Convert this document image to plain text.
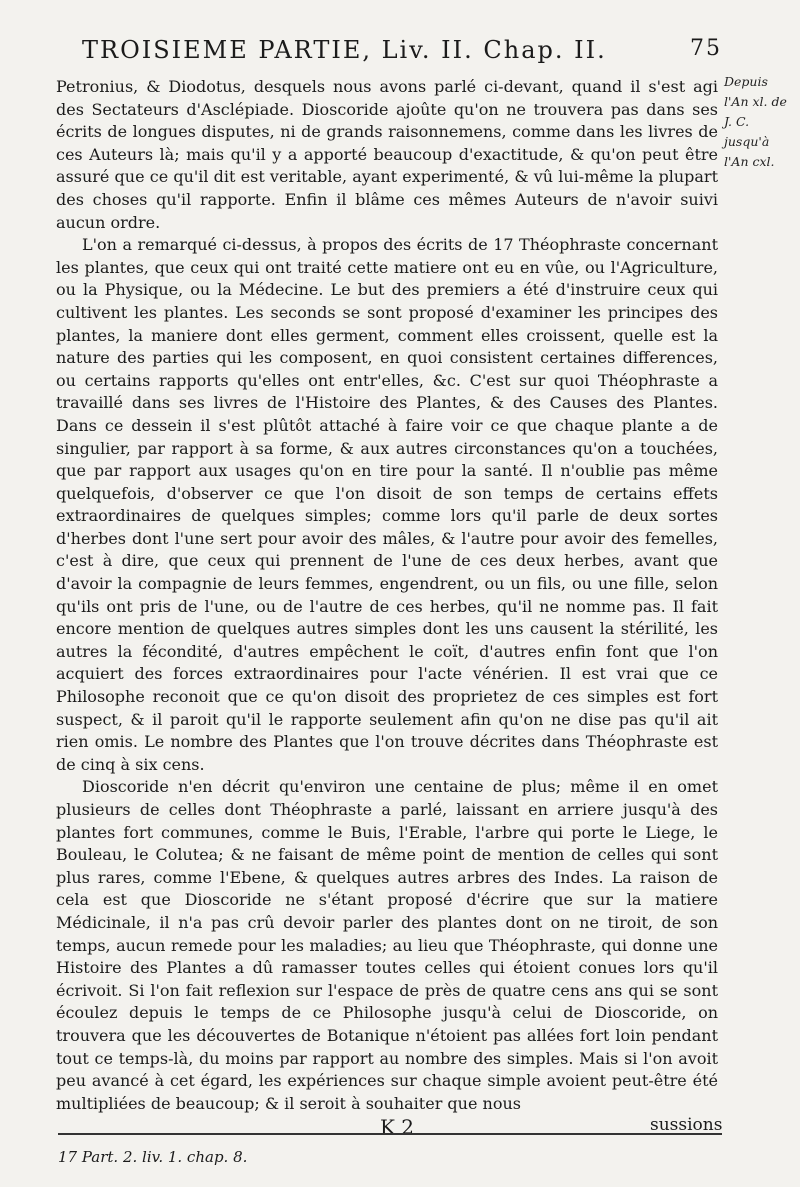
TROISIEME PARTIE, Liv. II. Chap. II.	75
Depuis l'An xl. de J. C. jusqu'à l'An cxl.

Petronius, & Diodotus, desquels nous avons parlé ci-devant, quand il s'est agi des Sectateurs d'Asclépiade. Dioscoride ajoûte qu'on ne trouvera pas dans ses écrits de longues disputes, ni de grands raisonnemens, comme dans les livres de ces Auteurs là; mais qu'il y a apporté beaucoup d'exactitude, & qu'on peut être assuré que ce qu'il dit est veritable, ayant experimenté, & vû lui-même la plupart des choses qu'il rapporte. Enfin il blâme ces mêmes Auteurs de n'avoir suivi aucun ordre.

L'on a remarqué ci-dessus, à propos des écrits de 17 Théophraste concernant les plantes, que ceux qui ont traité cette matiere ont eu en vûe, ou l'Agriculture, ou la Physique, ou la Médecine. Le but des premiers a été d'instruire ceux qui cultivent les plantes. Les seconds se sont proposé d'examiner les principes des plantes, la maniere dont elles germent, comment elles croissent, quelle est la nature des parties qui les composent, en quoi consistent certaines differences, ou certains rapports qu'elles ont entr'elles, &c. C'est sur quoi Théophraste a travaillé dans ses livres de l'Histoire des Plantes, & des Causes des Plantes. Dans ce dessein il s'est plûtôt attaché à faire voir ce que chaque plante a de singulier, par rapport à sa forme, & aux autres circonstances qu'on a touchées, que par rapport aux usages qu'on en tire pour la santé. Il n'oublie pas même quelquefois, d'observer ce que l'on disoit de son temps de certains effets extraordinaires de quelques simples; comme lors qu'il parle de deux sortes d'herbes dont l'une sert pour avoir des mâles, & l'autre pour avoir des femelles, c'est à dire, que ceux qui prennent de l'une de ces deux herbes, avant que d'avoir la compagnie de leurs femmes, engendrent, ou un fils, ou une fille, selon qu'ils ont pris de l'une, ou de l'autre de ces herbes, qu'il ne nomme pas. Il fait encore mention de quelques autres simples dont les uns causent la stérilité, les autres la fécondité, d'autres empêchent le coït, d'autres enfin font que l'on acquiert des forces extraordinaires pour l'acte vénérien. Il est vrai que ce Philosophe reconoit que ce qu'on disoit des proprietez de ces simples est fort suspect, & il paroit qu'il le rapporte seulement afin qu'on ne dise pas qu'il ait rien omis. Le nombre des Plantes que l'on trouve décrites dans Théophraste est de cinq à six cens.

Dioscoride n'en décrit qu'environ une centaine de plus; même il en omet plusieurs de celles dont Théophraste a parlé, laissant en arriere jusqu'à des plantes fort communes, comme le Buis, l'Erable, l'arbre qui porte le Liege, le Bouleau, le Colutea; & ne faisant de même point de mention de celles qui sont plus rares, comme l'Ebene, & quelques autres arbres des Indes. La raison de cela est que Dioscoride ne s'étant proposé d'écrire que sur la matiere Médicinale, il n'a pas crû devoir parler des plantes dont on ne tiroit, de son temps, aucun remede pour les maladies; au lieu que Théophraste, qui donne une Histoire des Plantes a dû ramasser toutes celles qui étoient conues lors qu'il écrivoit. Si l'on fait reflexion sur l'espace de près de quatre cens ans qui se sont écoulez depuis le temps de ce Philosophe jusqu'à celui de Dioscoride, on trouvera que les découvertes de Botanique n'étoient pas allées fort loin pendant tout ce temps-là, du moins par rapport au nombre des simples. Mais si l'on avoit peu avancé à cet égard, les expériences sur chaque simple avoient peut-être été multipliées de beaucoup; & il seroit à souhaiter que nous

K 2	sussions
17 Part. 2. liv. 1. chap. 8.
